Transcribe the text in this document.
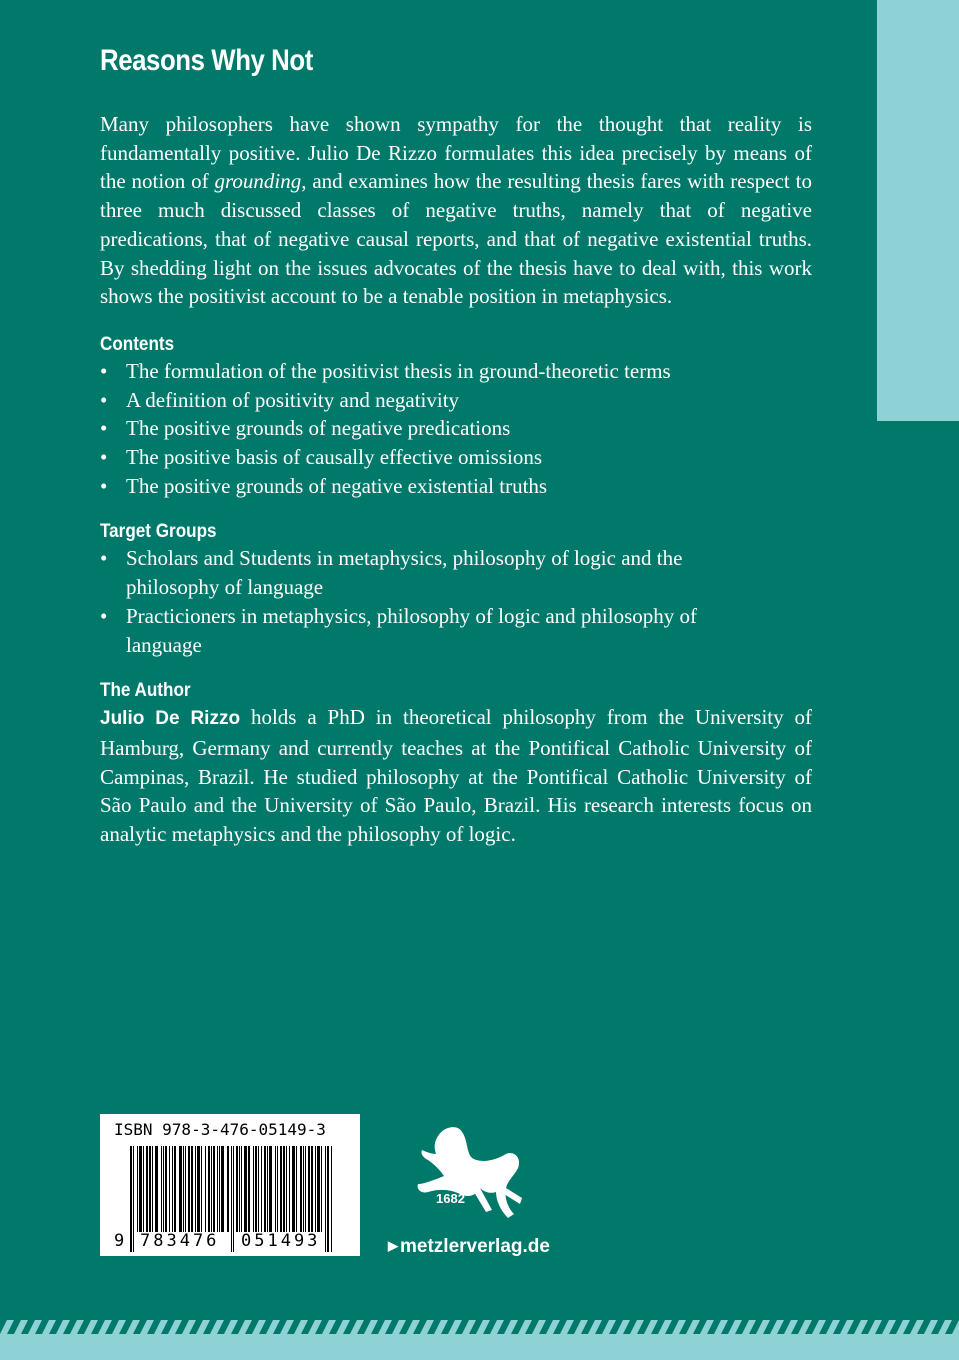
Reasons Why Not

Many philosophers have shown sympathy for the thought that reality is fundamentally positive. Julio De Rizzo formulates this idea precisely by means of the notion of grounding, and examines how the resulting thesis fares with respect to three much discussed classes of negative truths, namely that of negative predications, that of negative causal reports, and that of negative existential truths. By shedding light on the issues advocates of the thesis have to deal with, this work shows the positivist account to be a tenable position in metaphysics.

Contents
• The formulation of the positivist thesis in ground-theoretic terms
• A definition of positivity and negativity
• The positive grounds of negative predications
• The positive basis of causally effective omissions
• The positive grounds of negative existential truths
Target Groups
• Scholars and Students in metaphysics, philosophy of logic and the philosophy of language
• Practicioners in metaphysics, philosophy of logic and philosophy of language
The Author

Julio De Rizzo holds a PhD in theoretical philosophy from the University of Hamburg, Germany and currently teaches at the Pontifical Catholic University of Campinas, Brazil. He studied philosophy at the Pontifical Catholic University of São Paulo and the University of São Paulo, Brazil. His research interests focus on analytic metaphysics and the philosophy of logic.

ISBN 978-3-476-05149-3
9 783476 051493
1682
▶ metzlerverlag.de
